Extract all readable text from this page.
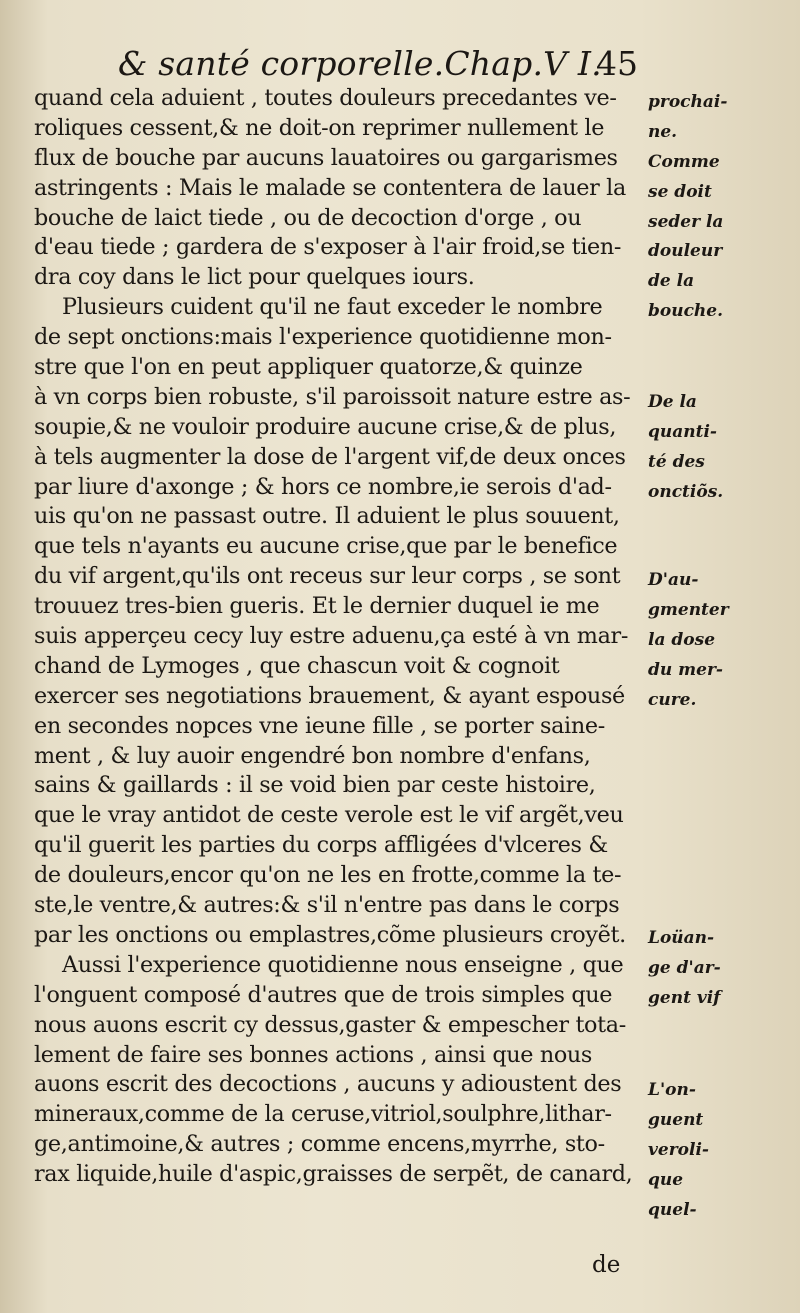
& santé corporelle.Chap.V I.
45
quand cela aduient , toutes douleurs precedantes ve-
roliques cessent,& ne doit-on reprimer nullement le
flux de bouche par aucuns lauatoires ou gargarismes
astringents : Mais le malade se contentera de lauer la
bouche de laict tiede , ou de decoction d'orge , ou
d'eau tiede ; gardera de s'exposer à l'air froid,se tien-
dra coy dans le lict pour quelques iours.
Plusieurs cuident qu'il ne faut exceder le nombre
de sept onctions:mais l'experience quotidienne mon-
stre que l'on en peut appliquer quatorze,& quinze
à vn corps bien robuste, s'il paroissoit nature estre as-
soupie,& ne vouloir produire aucune crise,& de plus,
à tels augmenter la dose de l'argent vif,de deux onces
par liure d'axonge ; & hors ce nombre,ie serois d'ad-
uis qu'on ne passast outre. Il aduient le plus souuent,
que tels n'ayants eu aucune crise,que par le benefice
du vif argent,qu'ils ont receus sur leur corps , se sont
trouuez tres-bien gueris. Et le dernier duquel ie me
suis apperçeu cecy luy estre aduenu,ça esté à vn mar-
chand de Lymoges , que chascun voit & cognoit
exercer ses negotiations brauement, & ayant espousé
en secondes nopces vne ieune fille , se porter saine-
ment , & luy auoir engendré bon nombre d'enfans,
sains & gaillards : il se void bien par ceste histoire,
que le vray antidot de ceste verole est le vif argẽt,veu
qu'il guerit les parties du corps affligées d'vlceres &
de douleurs,encor qu'on ne les en frotte,comme la te-
ste,le ventre,& autres:& s'il n'entre pas dans le corps
par les onctions ou emplastres,cõme plusieurs croyẽt.
Aussi l'experience quotidienne nous enseigne , que
l'onguent composé d'autres que de trois simples que
nous auons escrit cy dessus,gaster & empescher tota-
lement de faire ses bonnes actions , ainsi que nous
auons escrit des decoctions , aucuns y adioustent des
mineraux,comme de la ceruse,vitriol,soulphre,lithar-
ge,antimoine,& autres ; comme encens,myrrhe, sto-
rax liquide,huile d'aspic,graisses de serpẽt, de canard,
de
prochai-
ne.
Comme
se doit
seder la
douleur
de la
bouche.
De la
quanti-
té des
onctiõs.
D'au-
gmenter
la dose
du mer-
cure.
Loüan-
ge d'ar-
gent vif
L'on-
guent
veroli-
que
quel-
